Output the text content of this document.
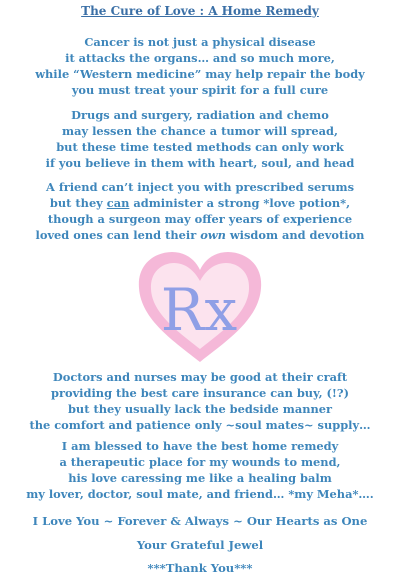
The Cure of Love : A Home Remedy
Cancer is not just a physical disease
it attacks the organs… and so much more,
while “Western medicine” may help repair the body
you must treat your spirit for a full cure
Drugs and surgery, radiation and chemo
may lessen the chance a tumor will spread,
but these time tested methods can only work
if you believe in them with heart, soul, and head
A friend can’t inject you with prescribed serums
but they can administer a strong *love potion*,
though a surgeon may offer years of experience
loved ones can lend their own wisdom and devotion
Rx
Doctors and nurses may be good at their craft
providing the best care insurance can buy, (!?)
but they usually lack the bedside manner
the comfort and patience only ~soul mates~ supply…
I am blessed to have the best home remedy
a therapeutic place for my wounds to mend,
his love caressing me like a healing balm
my lover, doctor, soul mate, and friend… *my Meha*….
I Love You ~ Forever & Always ~ Our Hearts as One
Your Grateful Jewel
***Thank You***
